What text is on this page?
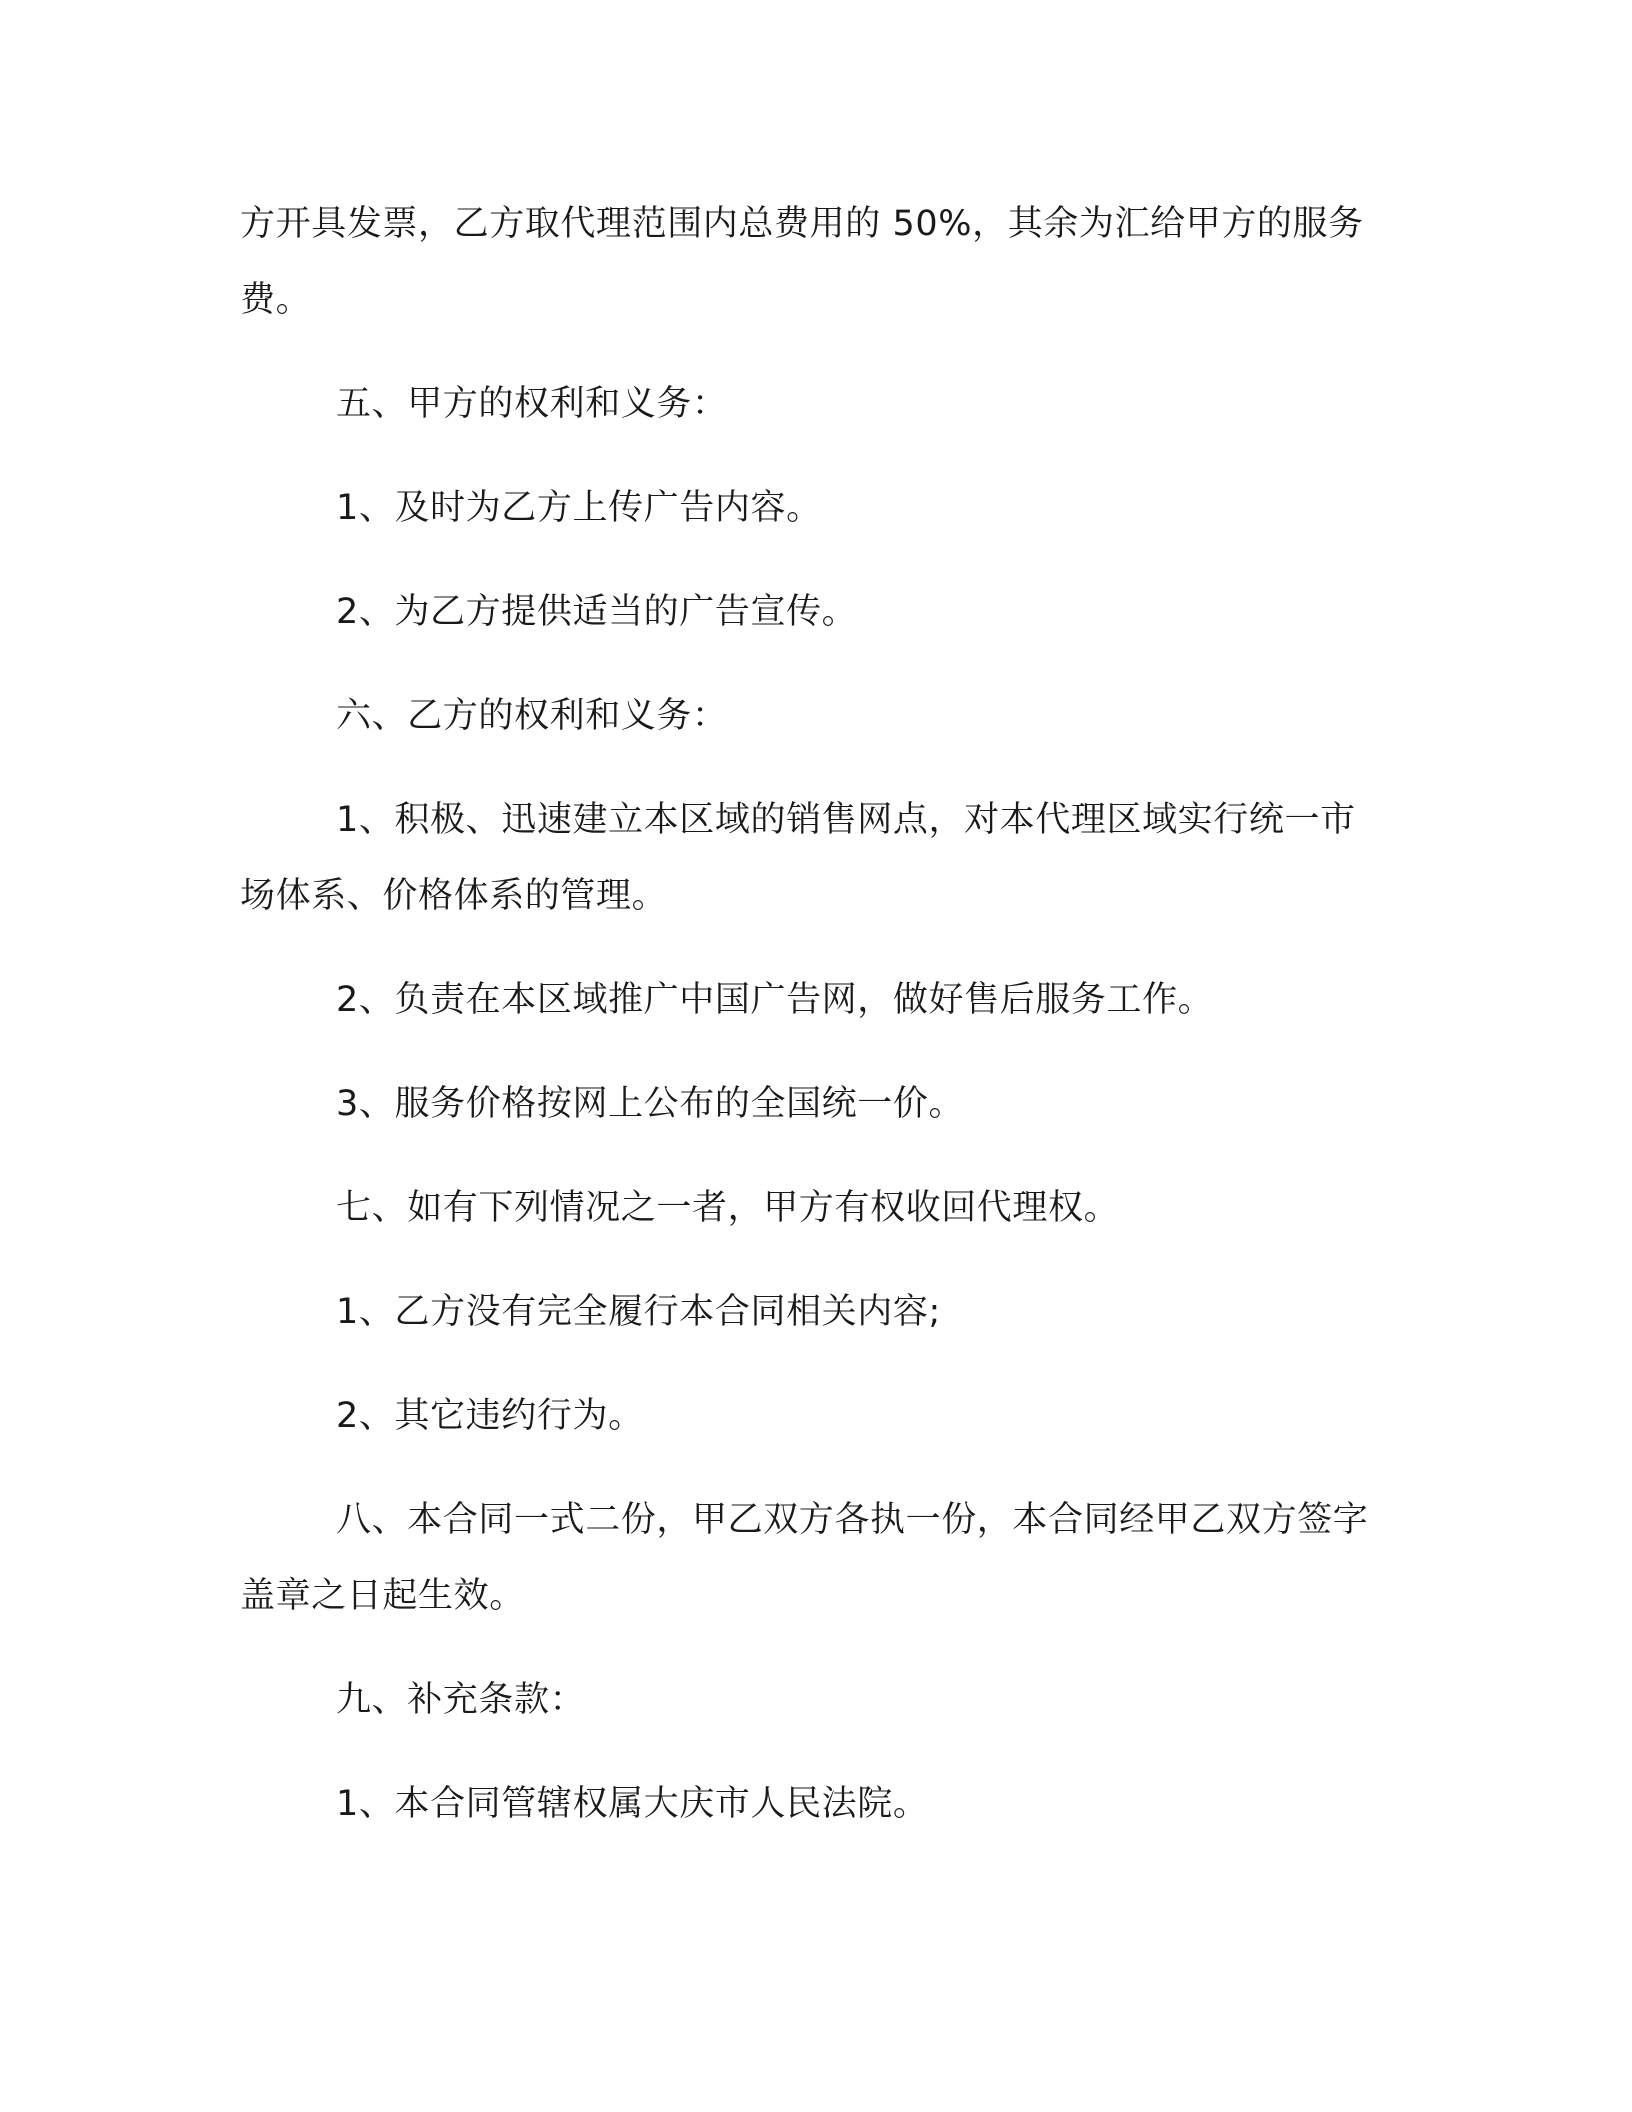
方开具发票，乙方取代理范围内总费用的 50%，其余为汇给甲方的服务费。

五、甲方的权利和义务：

1、及时为乙方上传广告内容。

2、为乙方提供适当的广告宣传。

六、乙方的权利和义务：

1、积极、迅速建立本区域的销售网点，对本代理区域实行统一市场体系、价格体系的管理。

2、负责在本区域推广中国广告网，做好售后服务工作。

3、服务价格按网上公布的全国统一价。

七、如有下列情况之一者，甲方有权收回代理权。

1、乙方没有完全履行本合同相关内容;

2、其它违约行为。

八、本合同一式二份，甲乙双方各执一份，本合同经甲乙双方签字盖章之日起生效。

九、补充条款：

1、本合同管辖权属大庆市人民法院。
